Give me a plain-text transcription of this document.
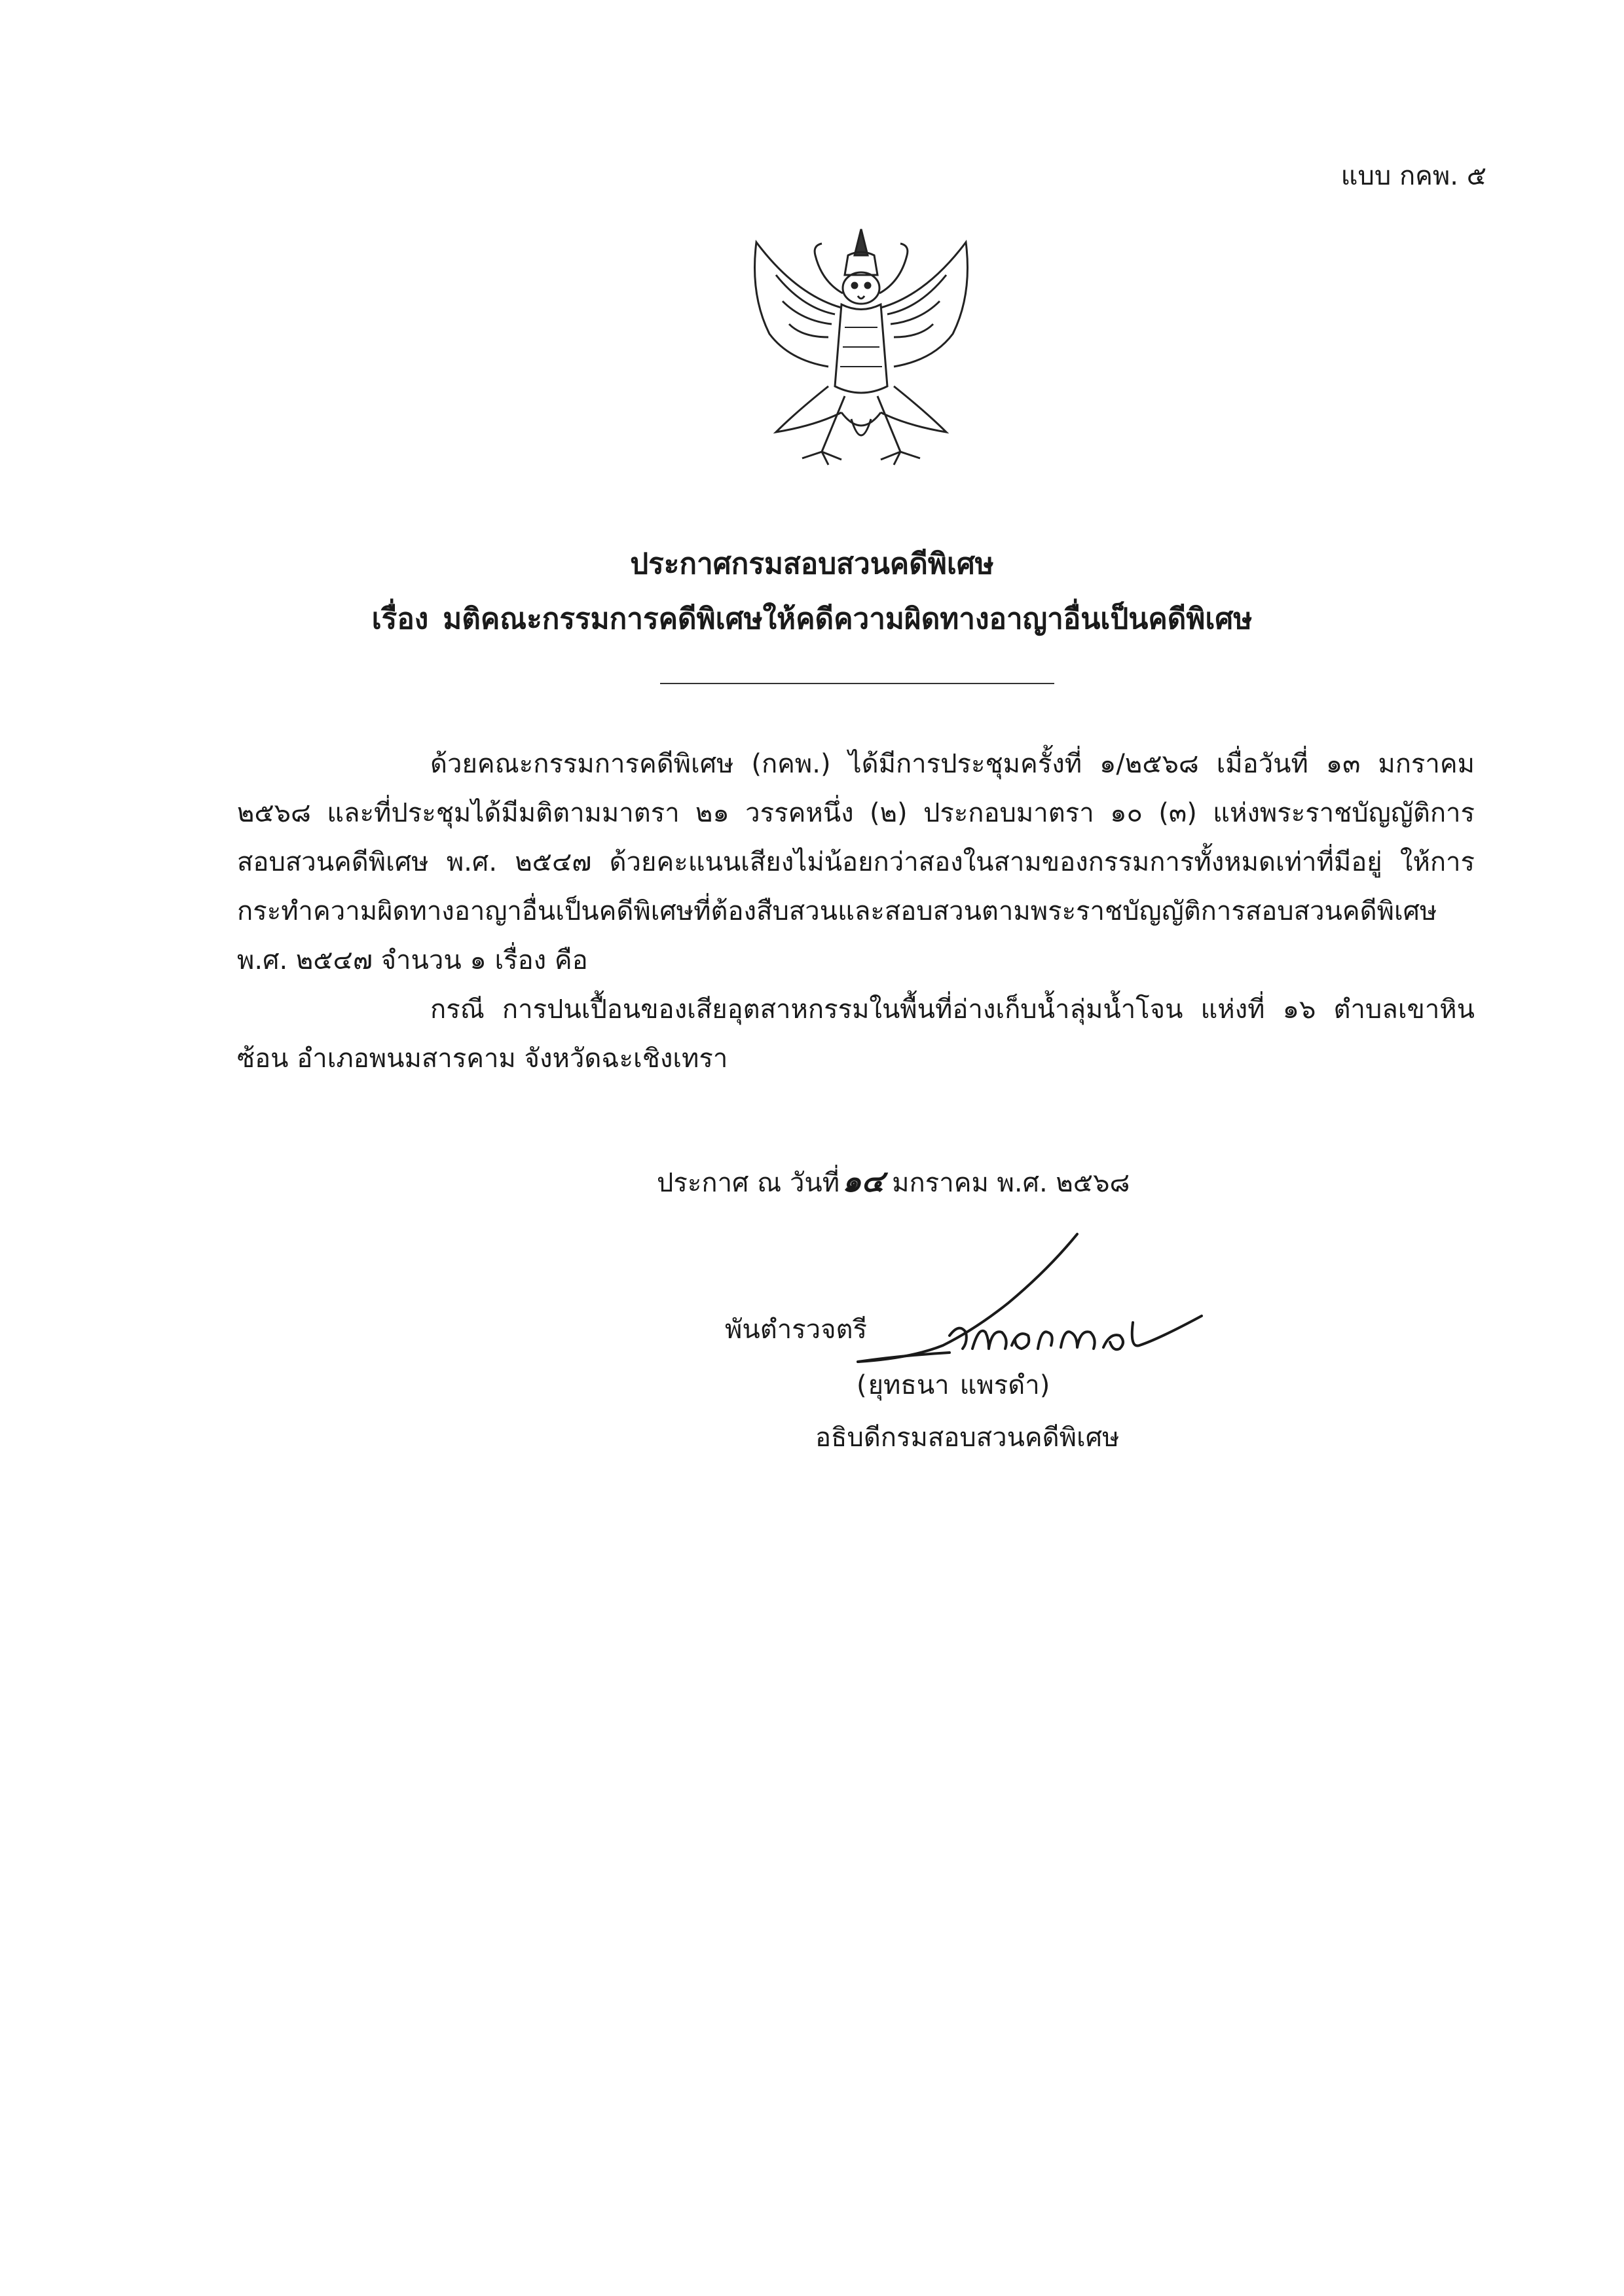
แบบ กคพ. ๕
ประกาศกรมสอบสวนคดีพิเศษ
เรื่อง มติคณะกรรมการคดีพิเศษให้คดีความผิดทางอาญาอื่นเป็นคดีพิเศษ
ด้วยคณะกรรมการคดีพิเศษ (กคพ.) ได้มีการประชุมครั้งที่ ๑/๒๕๖๘ เมื่อวันที่ ๑๓ มกราคม ๒๕๖๘ และที่ประชุมได้มีมติตามมาตรา ๒๑ วรรคหนึ่ง (๒) ประกอบมาตรา ๑๐ (๓) แห่งพระราชบัญญัติการสอบสวนคดีพิเศษ พ.ศ. ๒๕๔๗ ด้วยคะแนนเสียงไม่น้อยกว่าสองในสามของกรรมการทั้งหมดเท่าที่มีอยู่ ให้การกระทำความผิดทางอาญาอื่นเป็นคดีพิเศษที่ต้องสืบสวนและสอบสวนตามพระราชบัญญัติการสอบสวนคดีพิเศษ พ.ศ. ๒๕๔๗ จำนวน ๑ เรื่อง คือ
กรณี การปนเปื้อนของเสียอุตสาหกรรมในพื้นที่อ่างเก็บน้ำลุ่มน้ำโจน แห่งที่ ๑๖ ตำบลเขาหินซ้อน อำเภอพนมสารคาม จังหวัดฉะเชิงเทรา
ประกาศ ณ วันที่๑๔ มกราคม พ.ศ. ๒๕๖๘
Lnorma
พันตำรวจตรี
(ยุทธนา แพรดำ)
อธิบดีกรมสอบสวนคดีพิเศษ
